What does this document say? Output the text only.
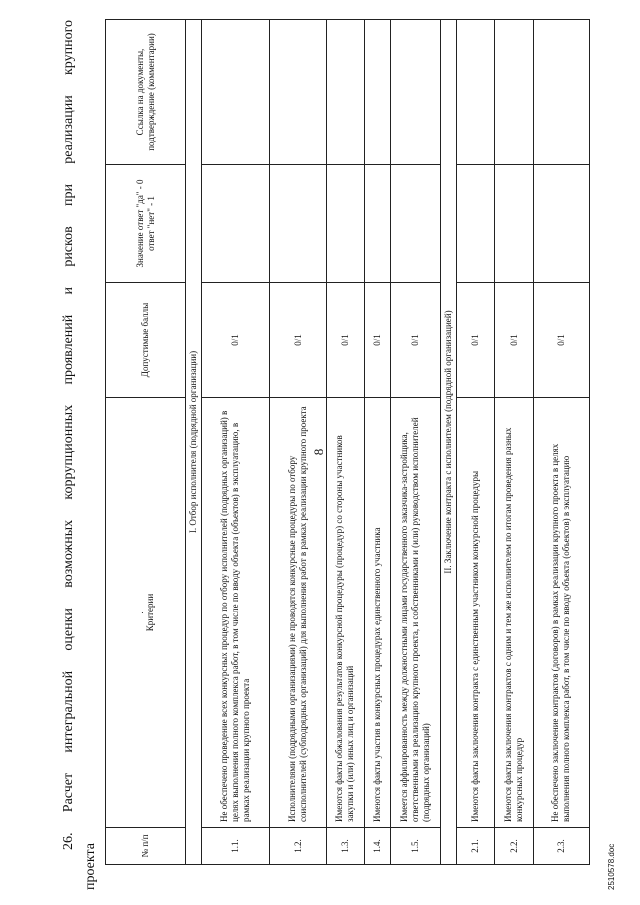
8
26. Расчет интегральной оценки возможных коррупционных проявлений и рисков при реализации крупного
проекта	№ п/п	. Критерии	Допустимые баллы	Значение ответ "да" - 0 ответ "нет" - 1	Ссылка на документы, подтверждение (комментарии)
I. Отбор исполнителя (подрядной организации)				
1.1.	Не обеспечено проведение всех конкурсных процедур по отбору исполнителей (подрядных организаций) в целях выполнения полного комплекса работ, в том числе по вводу объекта (объектов) в эксплуатацию, в рамках реализации крупного проекта	0/1		
1.2.	Исполнителями (подрядными организациями) не проводятся конкурсные процедуры по отбору соисполнителей (субподрядных организаций) для выполнения работ в рамках реализации крупного проекта	0/1		
1.3.	Имеются факты обжалования результатов конкурсной процедуры (процедур) со стороны участников закупки и (или) иных лиц и организаций	0/1		
1.4.	Имеются факты участия в конкурсных процедурах единственного участника	0/1		
1.5.	Имеется аффилированность между должностными лицами государственного заказчика-застройщика, ответственными за реализацию крупного проекта, и собственниками и (или) руководством исполнителей (подрядных организаций)	0/1		
II. Заключение контракта с исполнителем (подрядной организацией)				
2.1.	Имеются факты заключения контракта с единственным участником конкурсной процедуры	0/1		
2.2.	Имеются факты заключения контрактов с одним и тем же исполнителем по итогам проведения разных конкурсных процедур	0/1		
2.3.	Не обеспечено заключение контрактов (договоров) в рамках реализации крупного проекта в целях выполнения полного комплекса работ, в том числе по вводу объекта (объектов) в эксплуатацию	0/1		
2510578.doc
